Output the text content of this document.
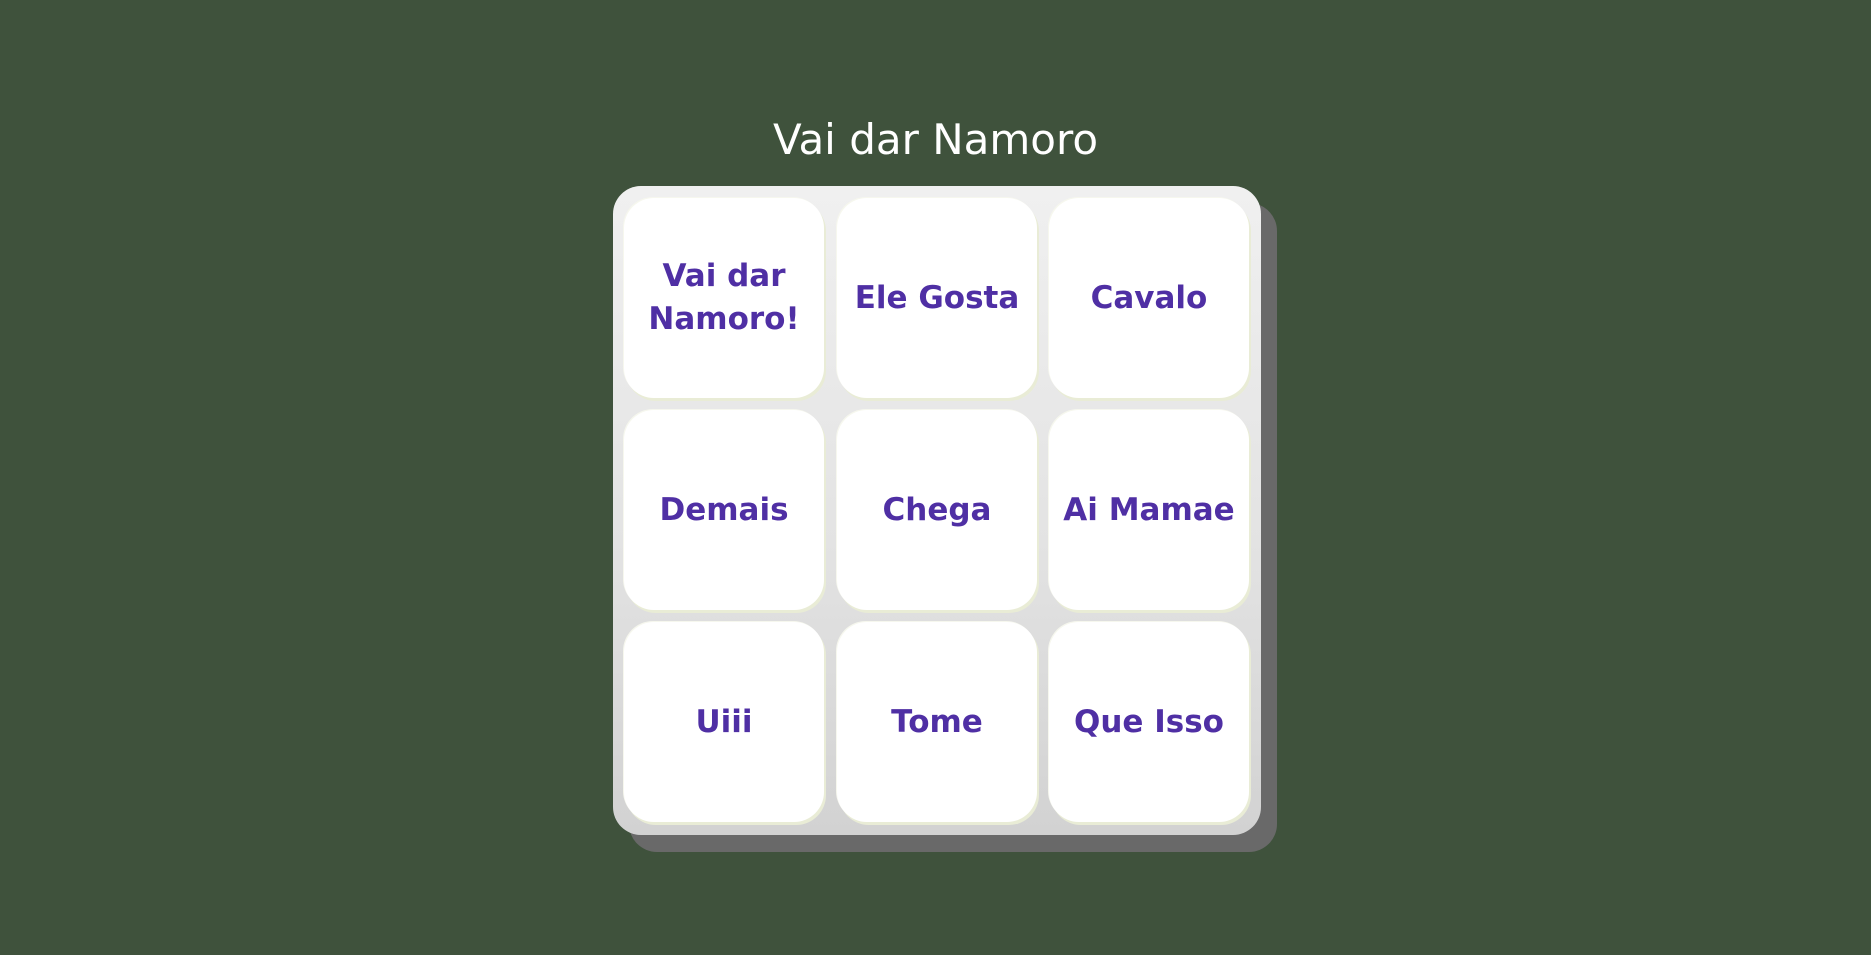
Vai dar Namoro
Vai dar Namoro!
Ele Gosta Cavalo
Demais	Chega Ai Mamae
Uiii	Tome	Que Isso
